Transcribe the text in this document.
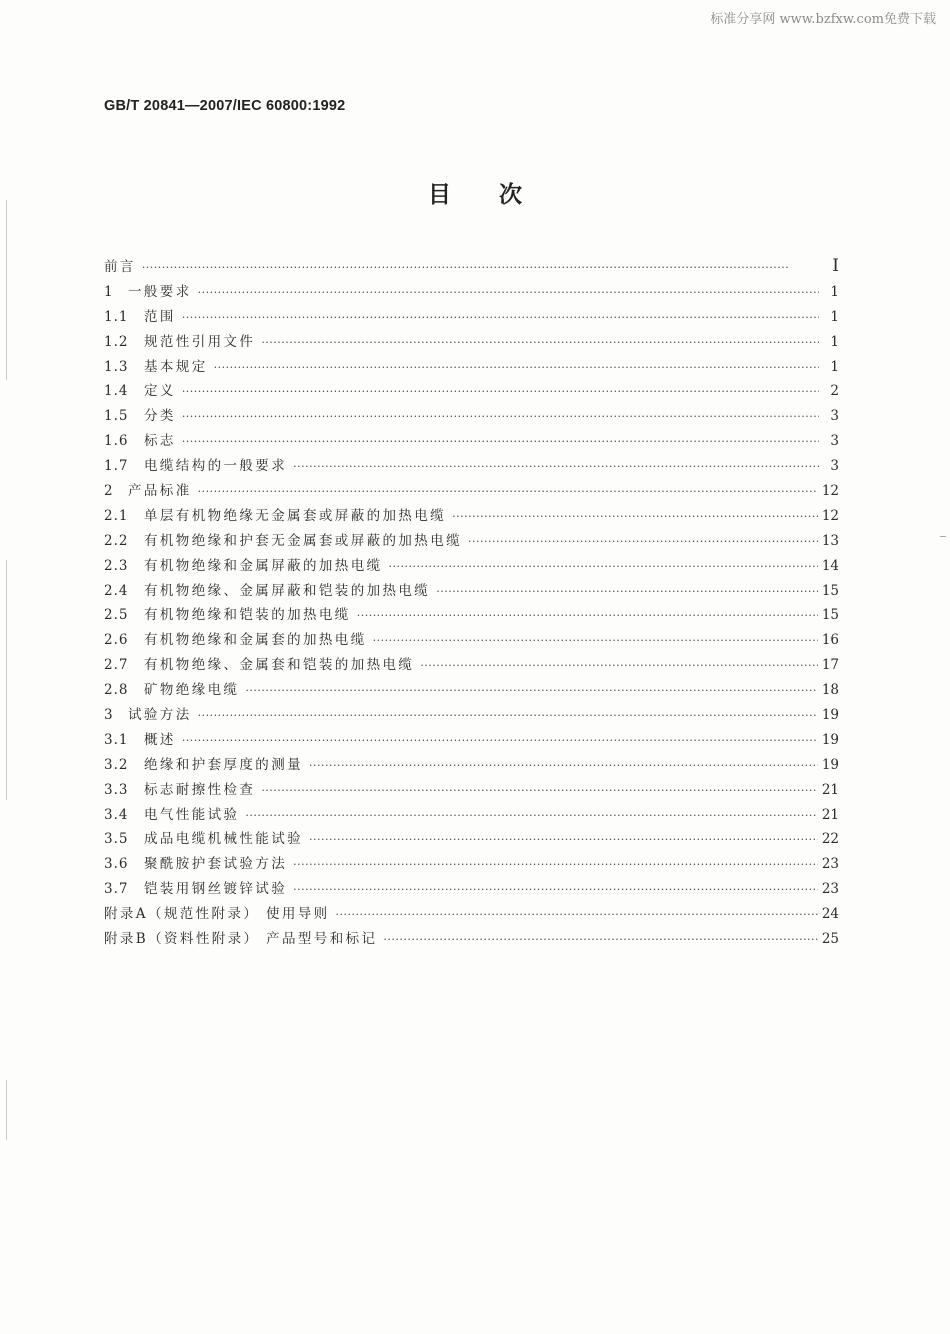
标准分享网 www.bzfxw.com免费下载
GB/T 20841—2007/IEC 60800:1992
目次
前言 ·····	I
1	一般要求 ·····	1
1.1	范围 ·····	1
1.2	规范性引用文件 ·····	1
1.3	基本规定 ·····	1
1.4	定义 ·····	2
1.5	分类 ·····	3
1.6	标志 ·····	3
1.7	电缆结构的一般要求 ·····	3
2	产品标准 ·····	12
2.1	单层有机物绝缘无金属套或屏蔽的加热电缆 ·····	12
2.2	有机物绝缘和护套无金属套或屏蔽的加热电缆 ·····	13
2.3	有机物绝缘和金属屏蔽的加热电缆 ·····	14
2.4	有机物绝缘、金属屏蔽和铠装的加热电缆 ·····	15
2.5	有机物绝缘和铠装的加热电缆 ·····	15
2.6	有机物绝缘和金属套的加热电缆 ·····	16
2.7	有机物绝缘、金属套和铠装的加热电缆 ·····	17
2.8	矿物绝缘电缆 ·····	18
3	试验方法 ·····	19
3.1	概述 ·····	19
3.2	绝缘和护套厚度的测量 ·····	19
3.3	标志耐擦性检查 ·····	21
3.4	电气性能试验 ·····	21
3.5	成品电缆机械性能试验 ·····	22
3.6	聚酰胺护套试验方法 ·····	23
3.7	铠装用钢丝镀锌试验 ·····	23
附录A（规范性附录） 使用导则 ·····	24
附录B（资料性附录） 产品型号和标记 ·····	25
